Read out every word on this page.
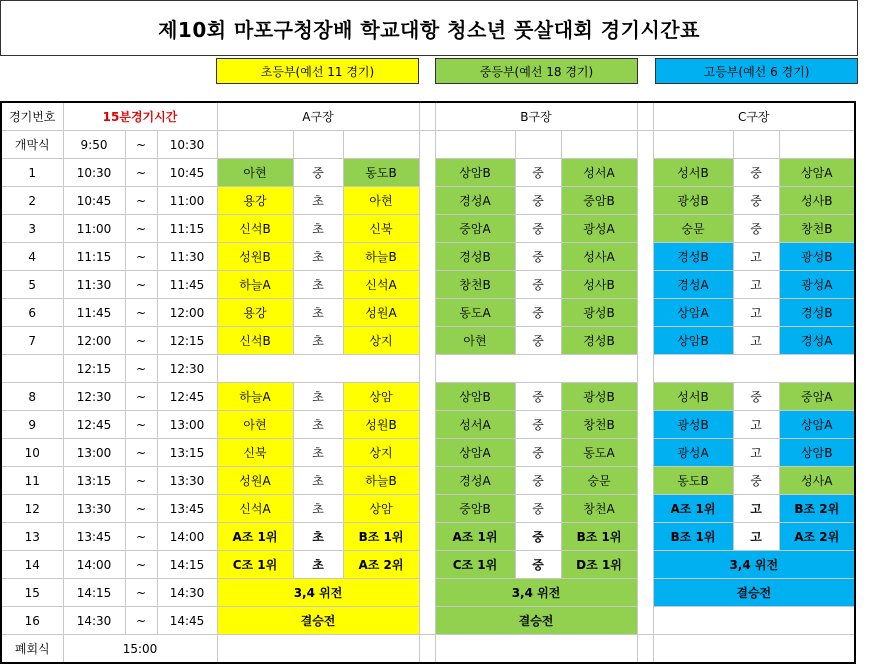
제10회 마포구청장배 학교대항 청소년 풋살대회 경기시간표
초등부(예선 11 경기)	중등부(예선 18 경기)	고등부(예선 6 경기)
경기번호	15분경기시간			A구장				B구장				C구장		
개막식	9:50	~	10:30											
1	10:30	~	10:45	아현	중	동도B		상암B	중	성서A		성서B	중	상암A
2	10:45	~	11:00	용강	초	아현		경성A	중	중암B		광성B	중	성사B
3	11:00	~	11:15	신석B	초	신북		중암A	중	광성A		숭문	중	창천B
4	11:15	~	11:30	성원B	초	하늘B		경성B	중	성사A		경성B	고	광성B
5	11:30	~	11:45	하늘A	초	신석A		창천B	중	성사B		경성A	고	광성A
6	11:45	~	12:00	용강	초	성원A		동도A	중	광성B		상암A	고	경성B
7	12:00	~	12:15	신석B	초	상지		아현	중	경성B		상암B	고	경성A
	12:15	~	12:30											
8	12:30	~	12:45	하늘A	초	상암		상암B	중	광성B		성서B	중	중암A
9	12:45	~	13:00	아현	초	성원B		성서A	중	창천B		광성B	고	상암A
10	13:00	~	13:15	신북	초	상지		상암A	중	동도A		광성A	고	상암B
11	13:15	~	13:30	성원A	초	하늘B		경성A	중	숭문		동도B	중	성사A
12	13:30	~	13:45	신석A	초	상암		중암B	중	창천A		A조 1위	고	B조 2위
13	13:45	~	14:00	A조 1위	초	B조 1위		A조 1위	중	B조 1위		B조 1위	고	A조 2위
14	14:00	~	14:15	C조 1위	초	A조 2위		C조 1위	중	D조 1위		3,4 위전		
15	14:15	~	14:30	3,4 위전				3,4 위전				결승전		
16	14:30	~	14:45	결승전				결승전						
폐회식	15:00													
